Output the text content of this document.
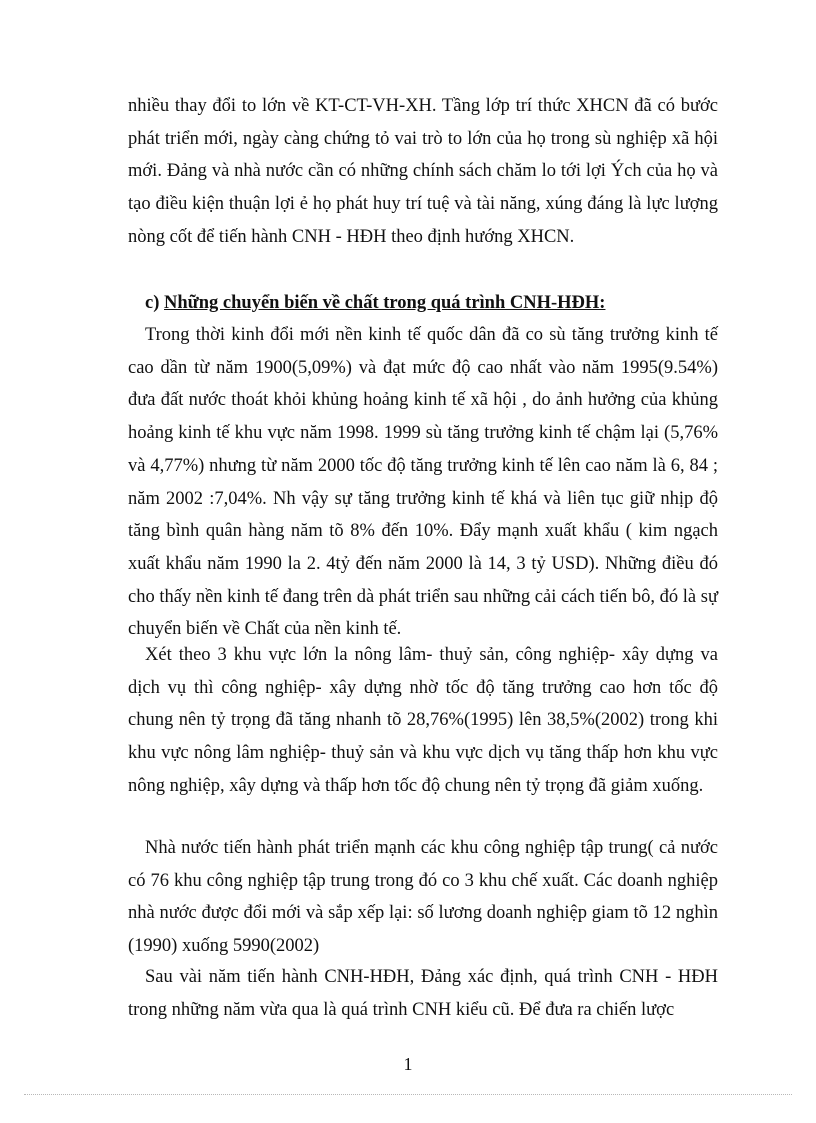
nhiều thay đổi to lớn về KT-CT-VH-XH. Tầng lớp trí thức XHCN đã có bước phát triển mới, ngày càng chứng tỏ vai trò to lớn của họ trong sù nghiệp xã hội mới. Đảng và nhà nước cần có những chính sách chăm lo tới lợi Ých của họ và tạo điều kiện thuận lợi ẻ họ phát huy trí tuệ và tài năng, xúng đáng là lực lượng nòng cốt để tiến hành CNH - HĐH theo định hướng XHCN.

c) Những chuyển biến về chất trong quá trình CNH-HĐH:

Trong thời kinh đổi mới nền kinh tế quốc dân đã co sù tăng trưởng kinh tế cao dần từ năm 1900(5,09%) và đạt mức độ cao nhất vào năm 1995(9.54%) đưa đất nước thoát khỏi khủng hoảng kinh tế xã hội , do ảnh hưởng của khủng hoảng kinh tế khu vực năm 1998. 1999 sù tăng trưởng kinh tế chậm lại (5,76% và 4,77%) nhưng từ năm 2000 tốc độ tăng trưởng kinh tế lên cao năm là 6, 84 ; năm 2002 :7,04%. Nh vậy sự tăng trưởng kinh tế khá và liên tục giữ nhịp độ tăng bình quân hàng năm tõ 8% đến 10%. Đẩy mạnh xuất khẩu ( kim ngạch xuất khẩu năm 1990 la 2. 4tỷ đến năm 2000 là 14, 3 tỷ USD). Những điều đó cho thấy nền kinh tế đang trên dà phát triển sau những cải cách tiến bô, đó là sự chuyển biến về Chất của nền kinh tế.

Xét theo 3 khu vực lớn la nông lâm- thuỷ sản, công nghiệp- xây dựng va dịch vụ thì công nghiệp- xây dựng nhờ tốc độ tăng trưởng cao hơn tốc độ chung nên tỷ trọng đã tăng nhanh tõ 28,76%(1995) lên 38,5%(2002) trong khi khu vực nông lâm nghiệp- thuỷ sản và khu vực dịch vụ tăng thấp hơn khu vực nông nghiệp, xây dựng và thấp hơn tốc độ chung nên tỷ trọng đã giảm xuống.

Nhà nước tiến hành phát triển mạnh các khu công nghiệp tập trung( cả nước có 76 khu công nghiệp tập trung trong đó co 3 khu chế xuất. Các doanh nghiệp nhà nước được đổi mới và sắp xếp lại: số lương doanh nghiệp giam tõ 12 nghìn (1990) xuống 5990(2002)

Sau vài năm tiến hành CNH-HĐH, Đảng xác định, quá trình CNH - HĐH trong những năm vừa qua là quá trình CNH kiểu cũ. Để đưa ra chiến lược

1
